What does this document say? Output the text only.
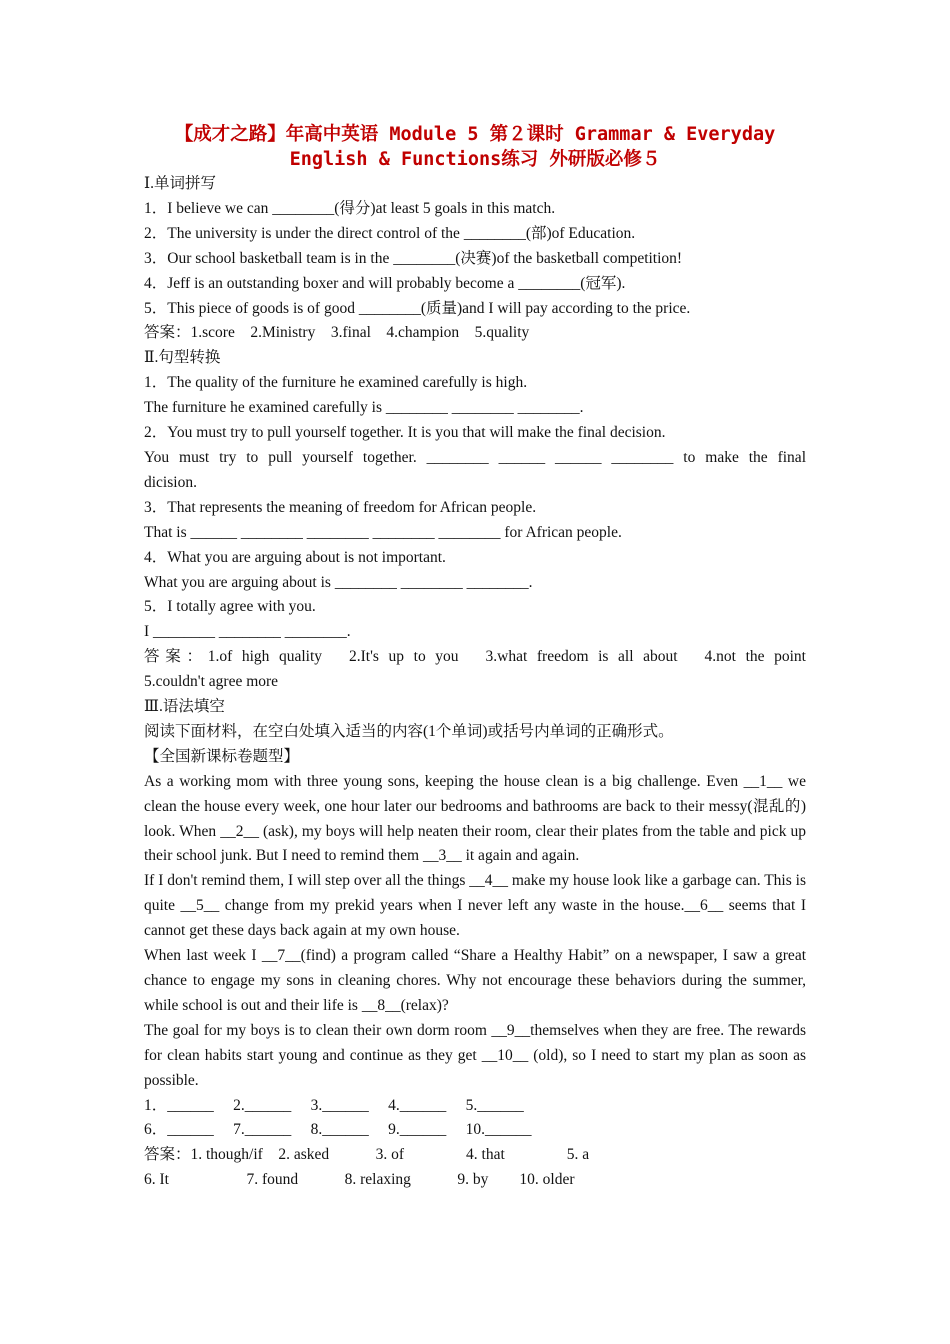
【成才之路】年高中英语 Module 5 第２课时 Grammar & Everyday
English & Functions练习 外研版必修５

Ⅰ.单词拼写

1．I believe we can ________(得分)at least 5 goals in this match.

2．The university is under the direct control of the ________(部)of Education.

3．Our school basketball team is in the ________(决赛)of the basketball competition!

4．Jeff is an outstanding boxer and will probably become a ________(冠军).

5．This piece of goods is of good ________(质量)and I will pay according to the price.

答案：1.score　2.Ministry　3.final　4.champion　5.quality

Ⅱ.句型转换

1．The quality of the furniture he examined carefully is high.

The furniture he examined carefully is ________ ________ ________.

2．You must try to pull yourself together. It is you that will make the final decision.

You must try to pull yourself together. ________ ______ ______ ________ to make the final

dicision.

3．That represents the meaning of freedom for African people.

That is ______ ________ ________ ________ ________ for African people.

4．What you are arguing about is not important.

What you are arguing about is ________ ________ ________.

5．I totally agree with you.

I ________ ________ ________.

答案：1.of high quality　2.It's up to you　3.what freedom is all about　4.not the point

5.couldn't agree more

Ⅲ.语法填空

阅读下面材料，在空白处填入适当的内容(1个单词)或括号内单词的正确形式。

【全国新课标卷题型】

As a working mom with three young sons, keeping the house clean is a big challenge. Even __1__ we clean the house every week, one hour later our bedrooms and bathrooms are back to their messy(混乱的) look. When __2__ (ask), my boys will help neaten their room, clear their plates from the table and pick up their school junk. But I need to remind them __3__ it again and again.

If I don't remind them, I will step over all the things __4__ make my house look like a garbage can. This is quite __5__ change from my prekid years when I never left any waste in the house.__6__ seems that I cannot get these days back again at my own house.

When last week I __7__(find) a program called “Share a Healthy Habit” on a newspaper, I saw a great chance to engage my sons in cleaning chores. Why not encourage these behaviors during the summer, while school is out and their life is __8__(relax)?

The goal for my boys is to clean their own dorm room __9__themselves when they are free. The rewards for clean habits start young and continue as they get __10__ (old), so I need to start my plan as soon as possible.

1．______　 2.______　 3.______　 4.______　 5.______

6．______　 7.______　 8.______　 9.______　 10.______

答案：1. though/if　2. asked　　　3. of　　　　4. that　　　　5. a

6. It　　　　　7. found　　　8. relaxing　　　9. by　　10. older
